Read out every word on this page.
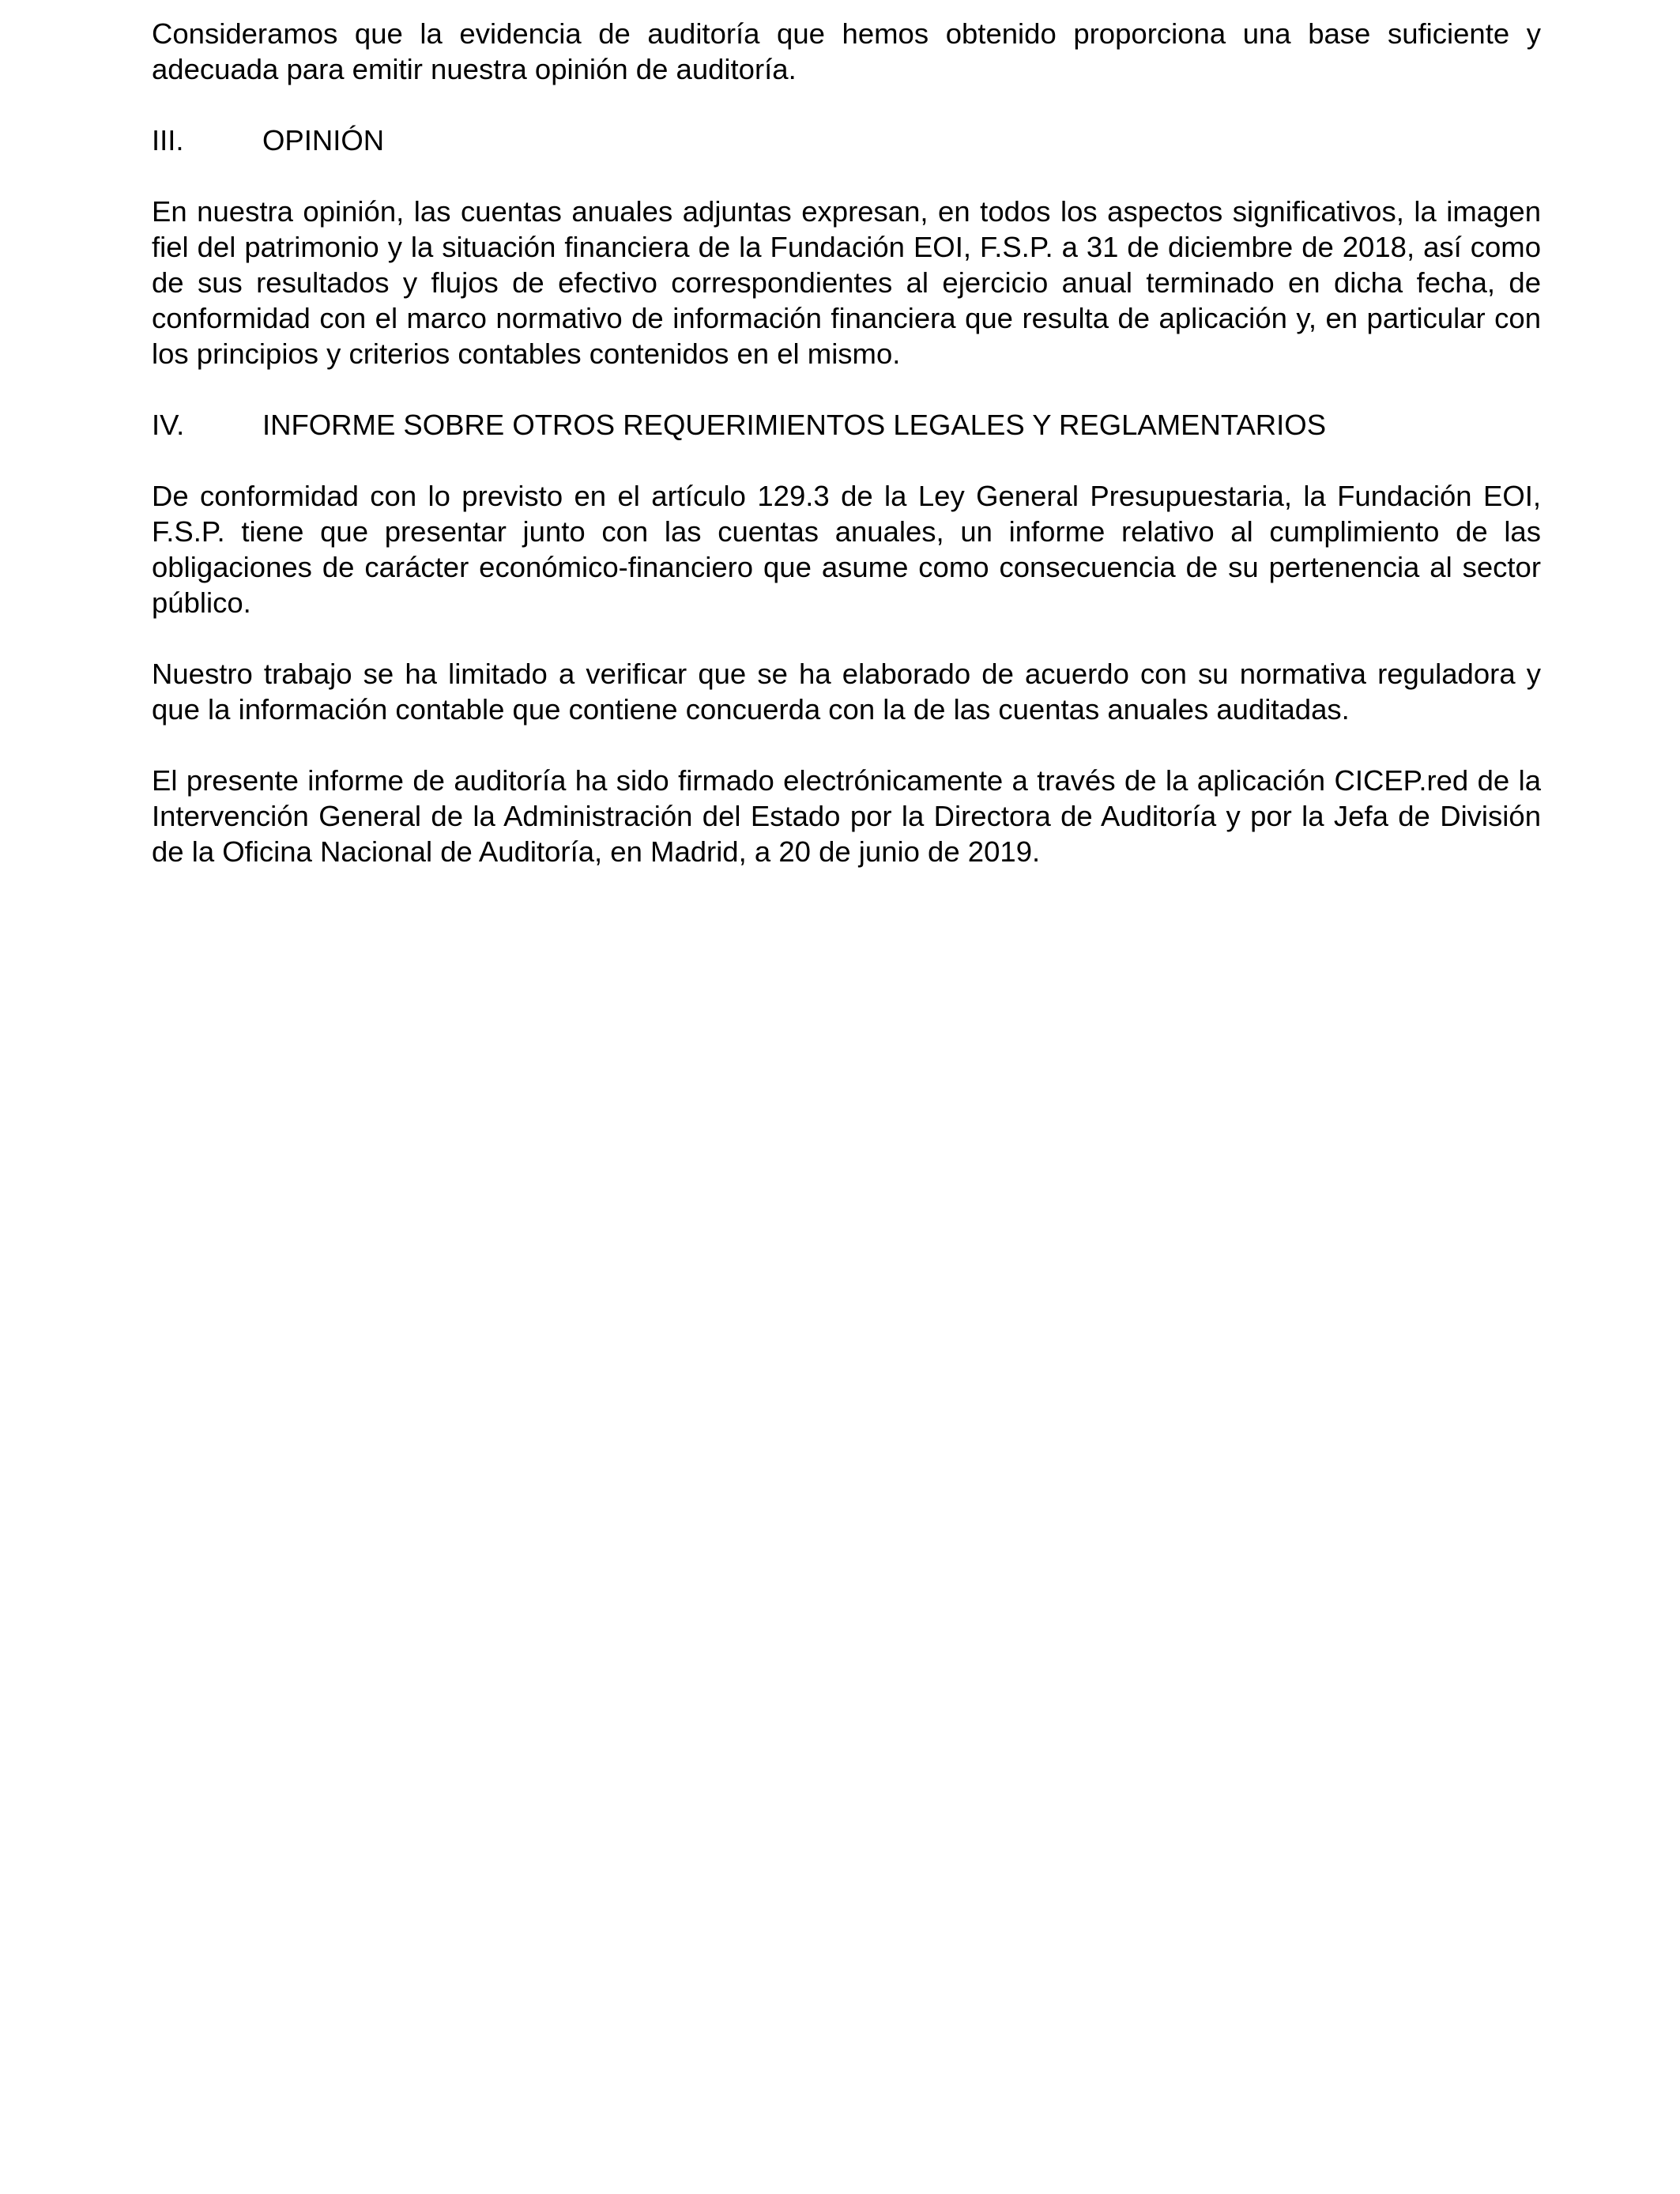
Consideramos que la evidencia de auditoría que hemos obtenido proporciona una base suficiente y adecuada para emitir nuestra opinión de auditoría.

III.	OPINIÓN

En nuestra opinión, las cuentas anuales adjuntas expresan, en todos los aspectos significativos, la imagen fiel del patrimonio y la situación financiera de la Fundación EOI, F.S.P. a 31 de diciembre de 2018, así como de sus resultados y flujos de efectivo correspondientes al ejercicio anual terminado en dicha fecha, de conformidad con el marco normativo de información financiera que resulta de aplicación y, en particular con los principios y criterios contables contenidos en el mismo.

IV.	INFORME SOBRE OTROS REQUERIMIENTOS LEGALES Y REGLAMENTARIOS

De conformidad con lo previsto en el artículo 129.3 de la Ley General Presupuestaria, la Fundación EOI, F.S.P. tiene que presentar junto con las cuentas anuales, un informe relativo al cumplimiento de las obligaciones de carácter económico-financiero que asume como consecuencia de su pertenencia al sector público.

Nuestro trabajo se ha limitado a verificar que se ha elaborado de acuerdo con su normativa reguladora y que la información contable que contiene concuerda con la de las cuentas anuales auditadas.

El presente informe de auditoría ha sido firmado electrónicamente a través de la aplicación CICEP.red de la Intervención General de la Administración del Estado por la Directora de Auditoría y por la Jefa de División de la Oficina Nacional de Auditoría, en Madrid, a 20 de junio de 2019.
